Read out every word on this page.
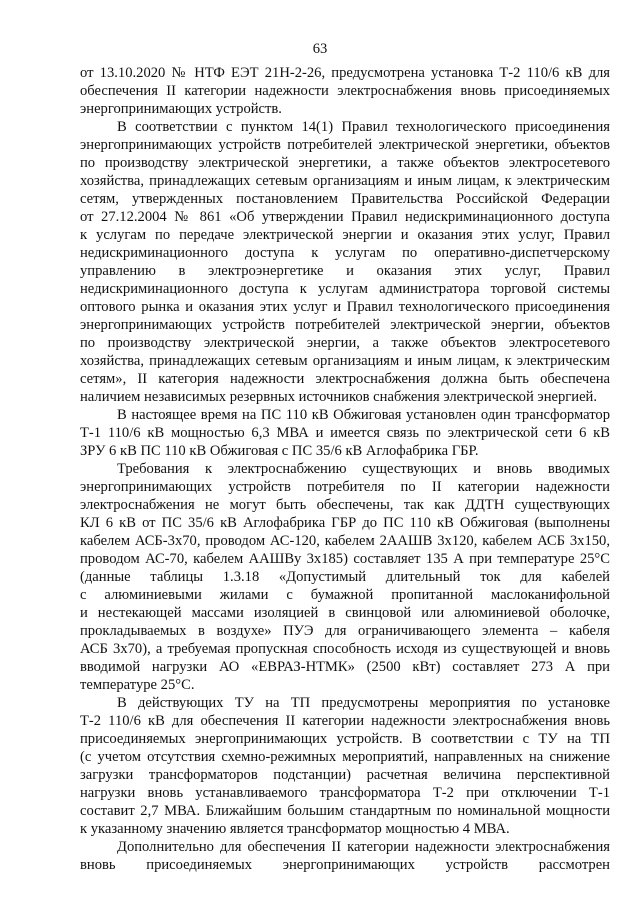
63
от 13.10.2020 № НТФ ЕЭТ 21Н-2-26, предусмотрена установка Т-2 110/6 кВ для
обеспечения II категории надежности электроснабжения вновь присоединяемых
энергопринимающих устройств.
В соответствии с пунктом 14(1) Правил технологического присоединения
энергопринимающих устройств потребителей электрической энергетики, объектов
по производству электрической энергетики, а также объектов электросетевого
хозяйства, принадлежащих сетевым организациям и иным лицам, к электрическим
сетям, утвержденных постановлением Правительства Российской Федерации
от 27.12.2004 № 861 «Об утверждении Правил недискриминационного доступа
к услугам по передаче электрической энергии и оказания этих услуг, Правил
недискриминационного доступа к услугам по оперативно-диспетчерскому
управлению в электроэнергетике и оказания этих услуг, Правил
недискриминационного доступа к услугам администратора торговой системы
оптового рынка и оказания этих услуг и Правил технологического присоединения
энергопринимающих устройств потребителей электрической энергии, объектов
по производству электрической энергии, а также объектов электросетевого
хозяйства, принадлежащих сетевым организациям и иным лицам, к электрическим
сетям», II категория надежности электроснабжения должна быть обеспечена
наличием независимых резервных источников снабжения электрической энергией.
В настоящее время на ПС 110 кВ Обжиговая установлен один трансформатор
Т-1 110/6 кВ мощностью 6,3 МВА и имеется связь по электрической сети 6 кВ
ЗРУ 6 кВ ПС 110 кВ Обжиговая с ПС 35/6 кВ Аглофабрика ГБР.
Требования к электроснабжению существующих и вновь вводимых
энергопринимающих устройств потребителя по II категории надежности
электроснабжения не могут быть обеспечены, так как ДДТН существующих
КЛ 6 кВ от ПС 35/6 кВ Аглофабрика ГБР до ПС 110 кВ Обжиговая (выполнены
кабелем АСБ-3х70, проводом АС-120, кабелем 2ААШВ 3х120, кабелем АСБ 3х150,
проводом АС-70, кабелем ААШВу 3х185) составляет 135 А при температуре 25°С
(данные таблицы 1.3.18 «Допустимый длительный ток для кабелей
с алюминиевыми жилами с бумажной пропитанной маслоканифольной
и нестекающей массами изоляцией в свинцовой или алюминиевой оболочке,
прокладываемых в воздухе» ПУЭ для ограничивающего элемента – кабеля
АСБ 3х70), а требуемая пропускная способность исходя из существующей и вновь
вводимой нагрузки АО «ЕВРАЗ-НТМК» (2500 кВт) составляет 273 А при
температуре 25°С.
В действующих ТУ на ТП предусмотрены мероприятия по установке
Т-2 110/6 кВ для обеспечения II категории надежности электроснабжения вновь
присоединяемых энергопринимающих устройств. В соответствии с ТУ на ТП
(с учетом отсутствия схемно-режимных мероприятий, направленных на снижение
загрузки трансформаторов подстанции) расчетная величина перспективной
нагрузки вновь устанавливаемого трансформатора Т-2 при отключении Т-1
составит 2,7 МВА. Ближайшим большим стандартным по номинальной мощности
к указанному значению является трансформатор мощностью 4 МВА.
Дополнительно для обеспечения II категории надежности электроснабжения
вновь присоединяемых энергопринимающих устройств рассмотрен
